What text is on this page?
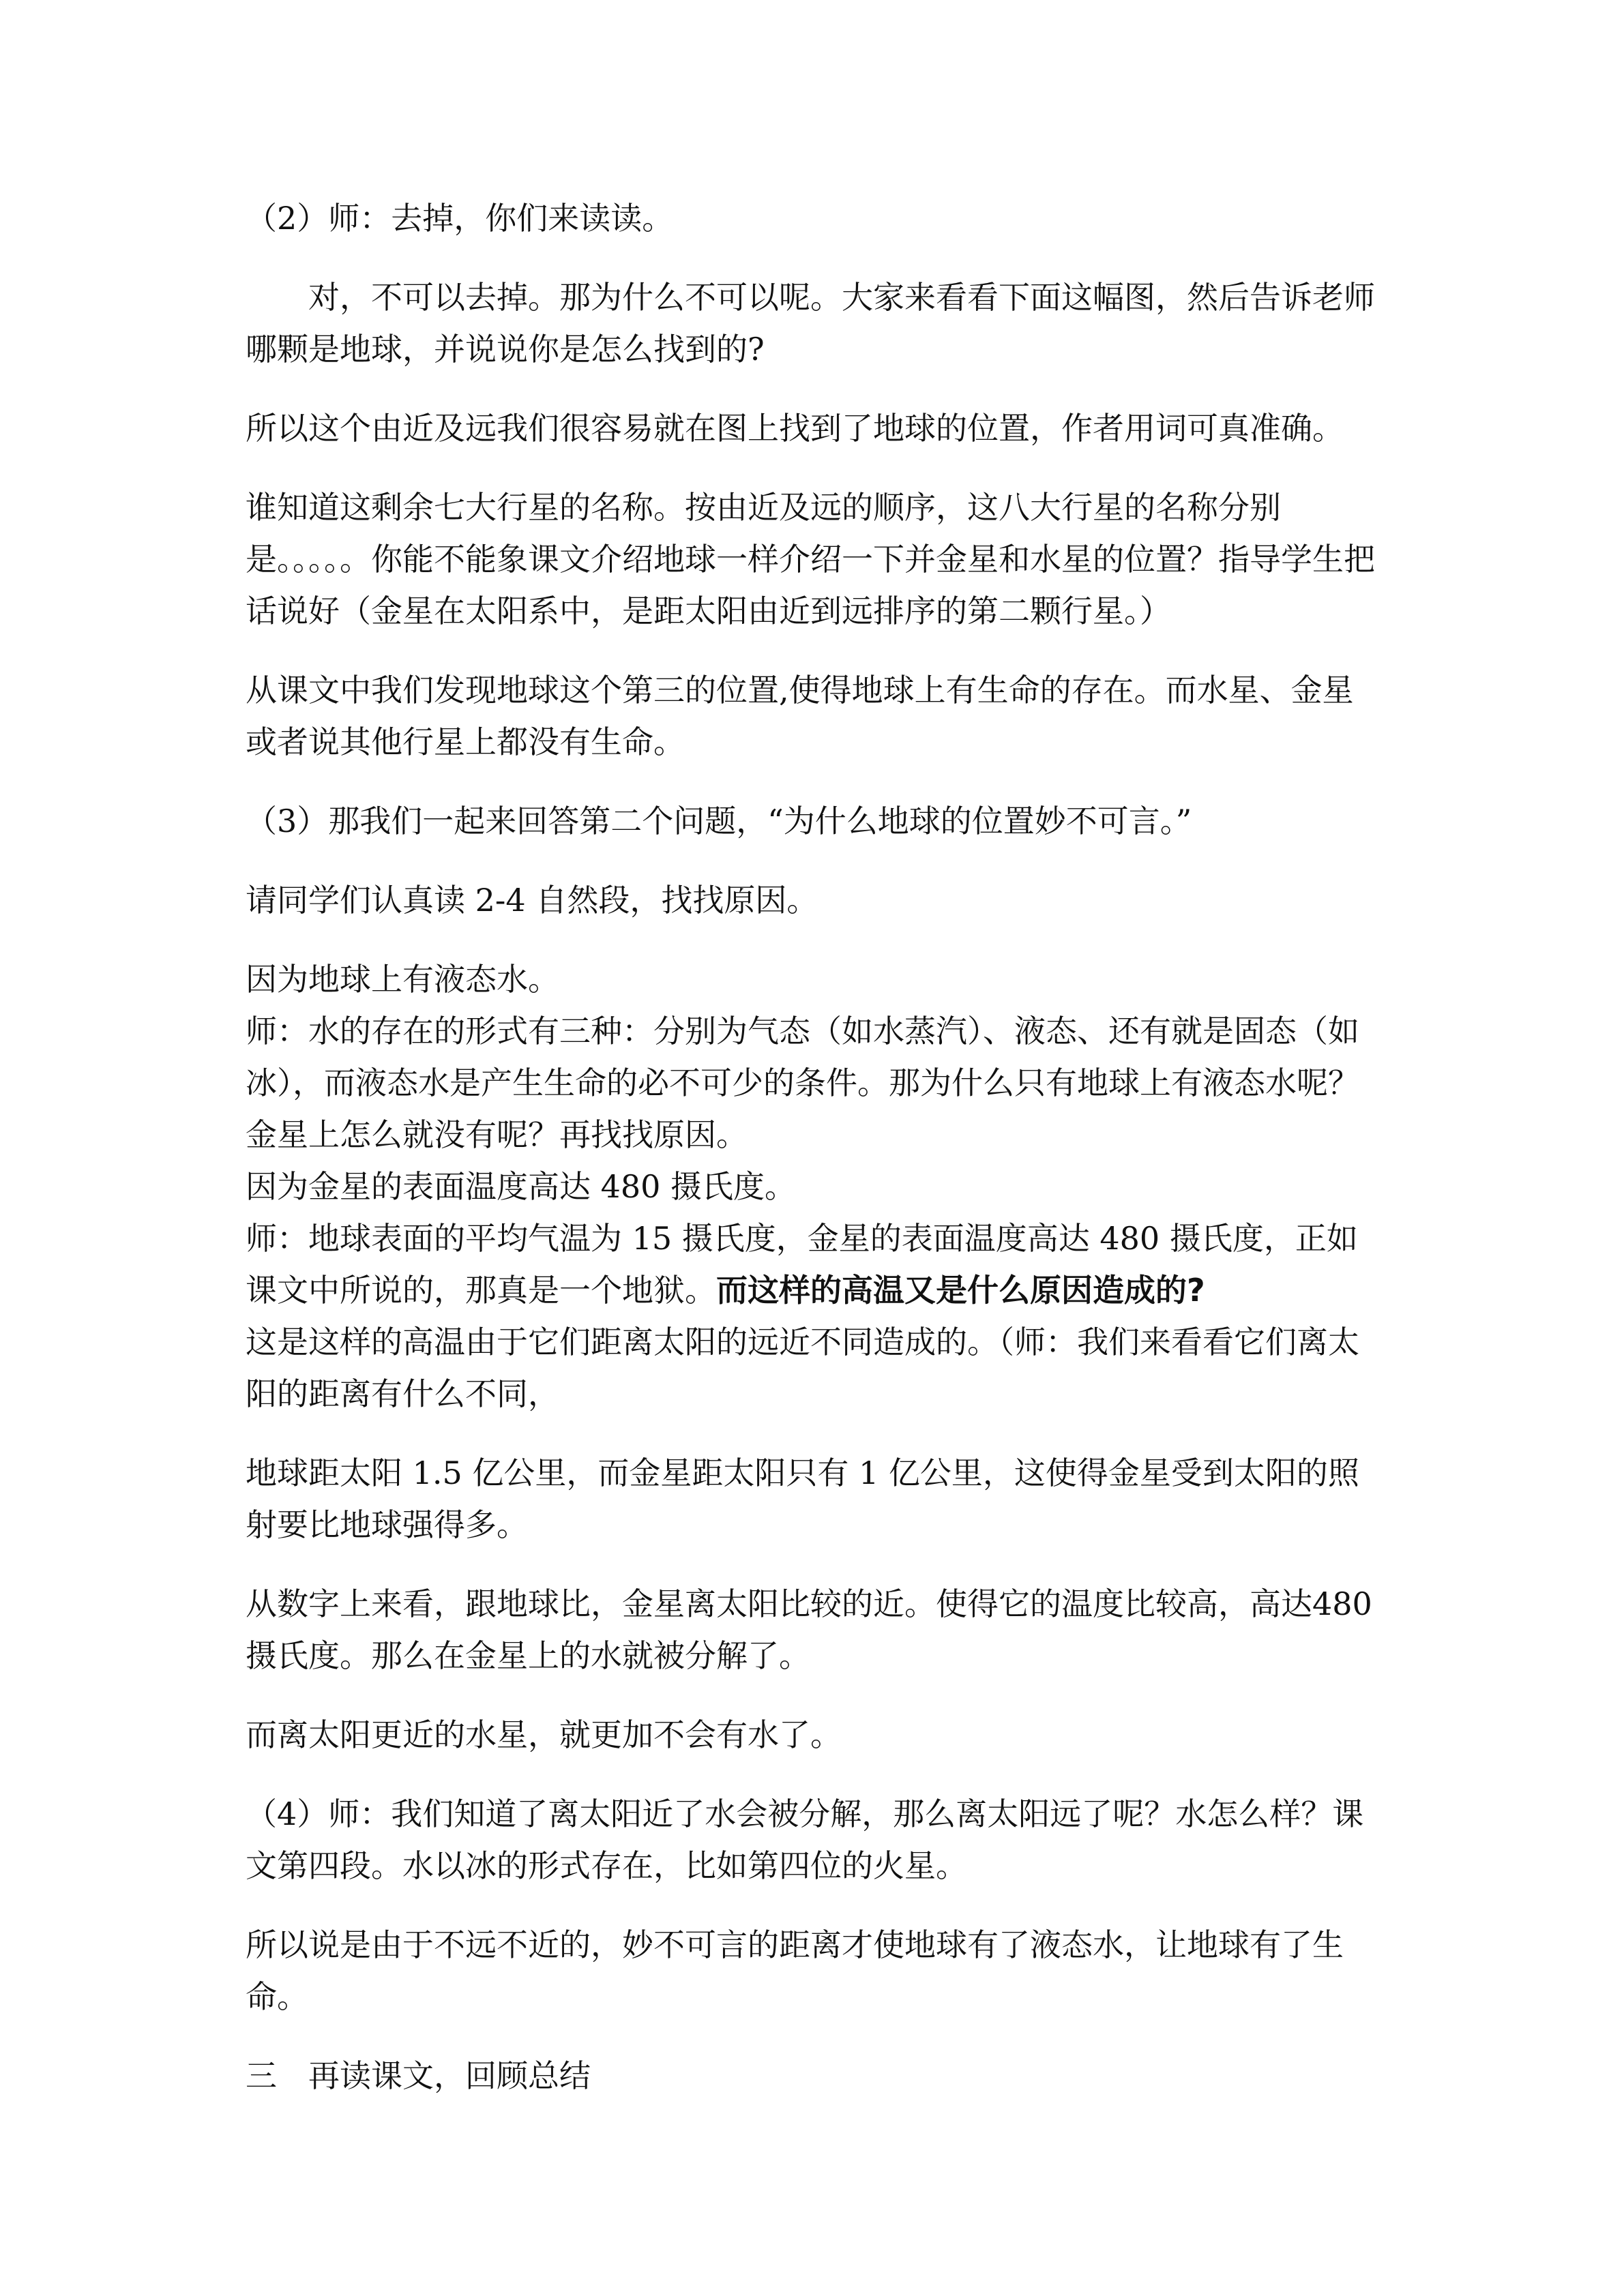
（2）师：去掉，你们来读读。

对，不可以去掉。那为什么不可以呢。大家来看看下面这幅图，然后告诉老师哪颗是地球，并说说你是怎么找到的?

所以这个由近及远我们很容易就在图上找到了地球的位置，作者用词可真准确。

谁知道这剩余七大行星的名称。按由近及远的顺序，这八大行星的名称分别是。。。。。你能不能象课文介绍地球一样介绍一下并金星和水星的位置？指导学生把话说好（金星在太阳系中，是距太阳由近到远排序的第二颗行星。）

从课文中我们发现地球这个第三的位置,使得地球上有生命的存在。而水星、金星或者说其他行星上都没有生命。

（3）那我们一起来回答第二个问题，“为什么地球的位置妙不可言。”

请同学们认真读 2-4 自然段，找找原因。

因为地球上有液态水。

师：水的存在的形式有三种：分别为气态（如水蒸汽）、液态、还有就是固态（如冰），而液态水是产生生命的必不可少的条件。那为什么只有地球上有液态水呢？金星上怎么就没有呢？再找找原因。

因为金星的表面温度高达 480 摄氏度。

师：地球表面的平均气温为 15 摄氏度，金星的表面温度高达 480 摄氏度，正如课文中所说的，那真是一个地狱。而这样的高温又是什么原因造成的?

这是这样的高温由于它们距离太阳的远近不同造成的。（师：我们来看看它们离太阳的距离有什么不同，

地球距太阳 1.5 亿公里，而金星距太阳只有 1 亿公里，这使得金星受到太阳的照射要比地球强得多。

从数字上来看，跟地球比，金星离太阳比较的近。使得它的温度比较高，高达480 摄氏度。那么在金星上的水就被分解了。

而离太阳更近的水星，就更加不会有水了。

（4）师：我们知道了离太阳近了水会被分解，那么离太阳远了呢？水怎么样？课文第四段。水以冰的形式存在，比如第四位的火星。

所以说是由于不远不近的，妙不可言的距离才使地球有了液态水，让地球有了生命。

三　再读课文，回顾总结
